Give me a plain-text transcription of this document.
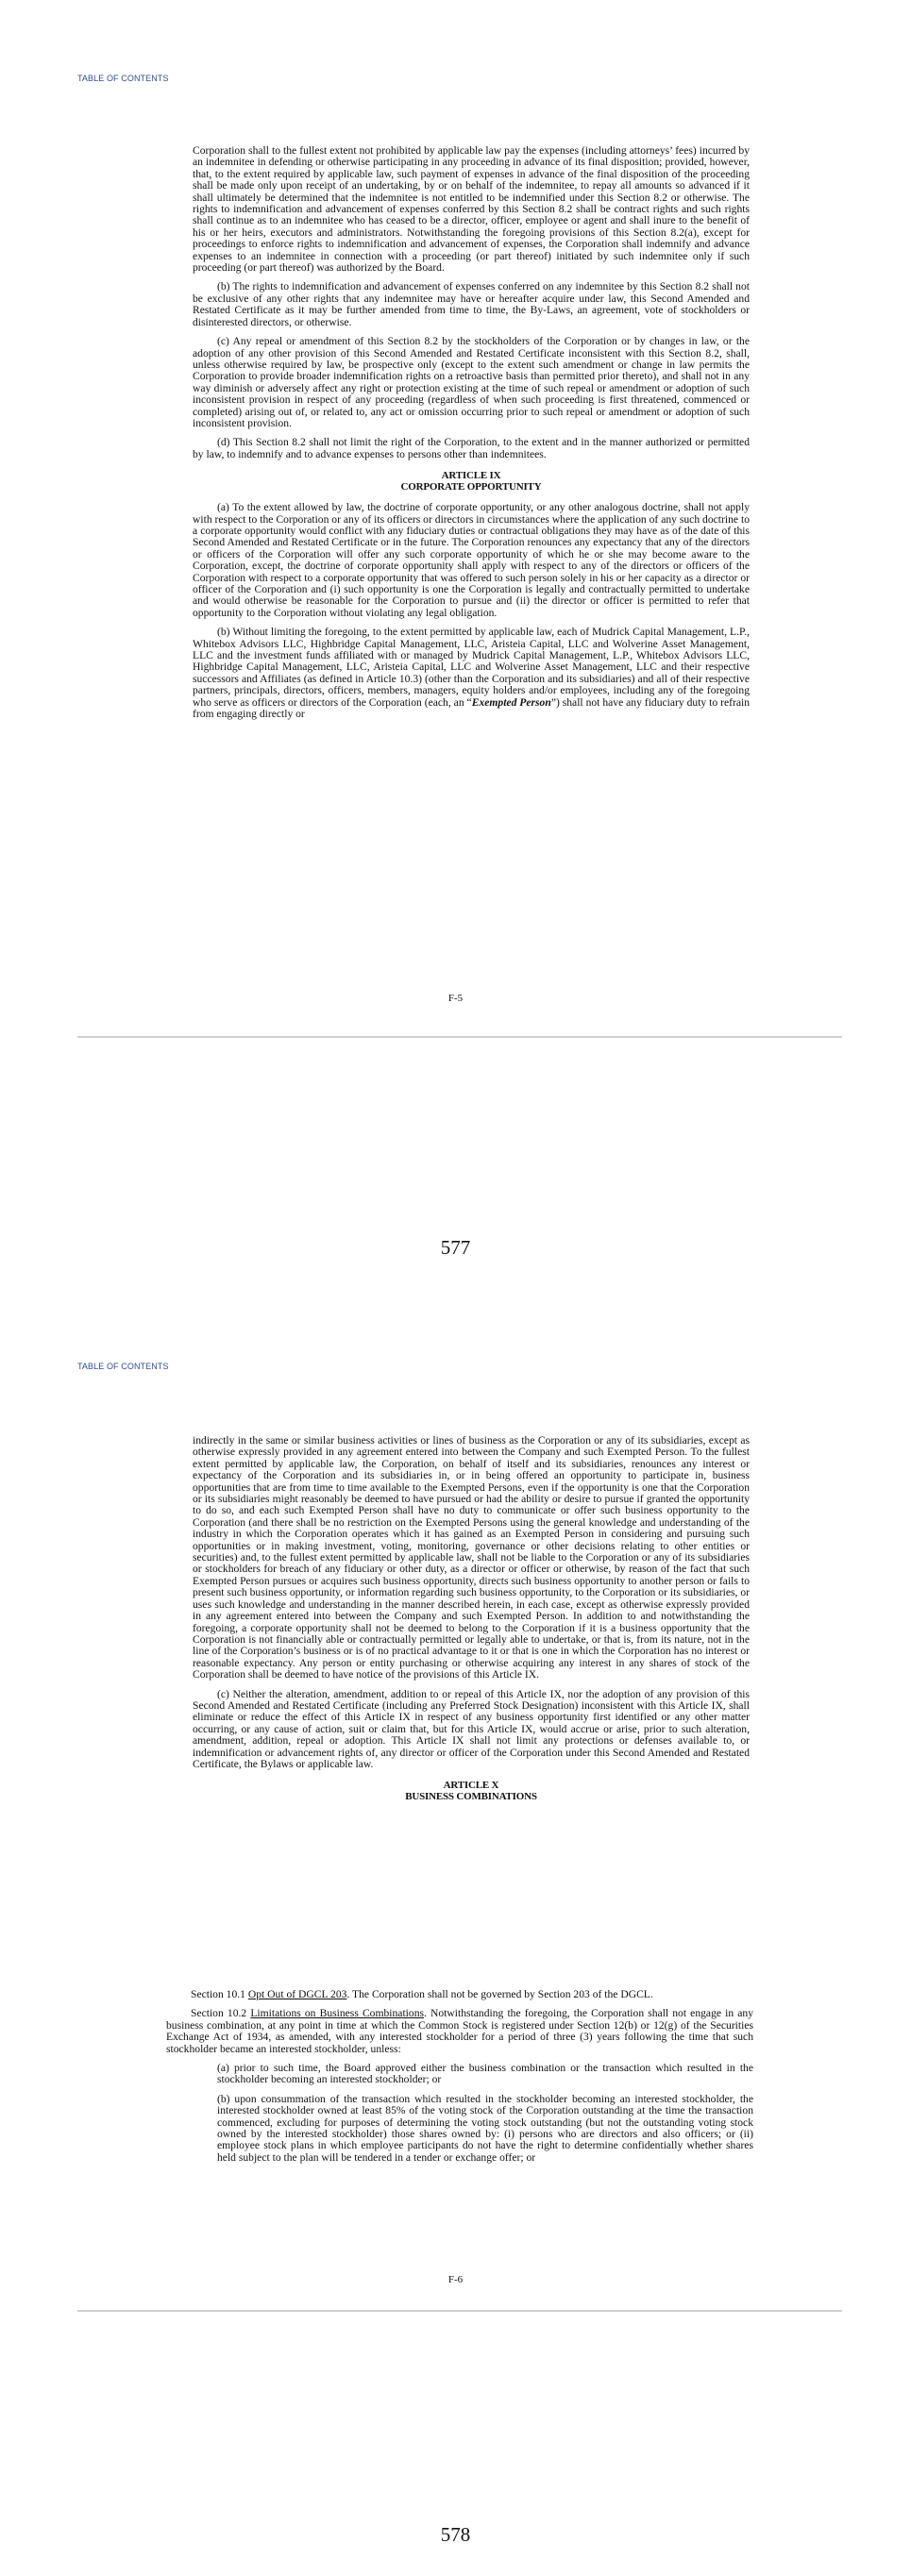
TABLE OF CONTENTS

Corporation shall to the fullest extent not prohibited by applicable law pay the expenses (including attorneys’ fees) incurred by an indemnitee in defending or otherwise participating in any proceeding in advance of its final disposition; provided, however, that, to the extent required by applicable law, such payment of expenses in advance of the final disposition of the proceeding shall be made only upon receipt of an undertaking, by or on behalf of the indemnitee, to repay all amounts so advanced if it shall ultimately be determined that the indemnitee is not entitled to be indemnified under this Section 8.2 or otherwise. The rights to indemnification and advancement of expenses conferred by this Section 8.2 shall be contract rights and such rights shall continue as to an indemnitee who has ceased to be a director, officer, employee or agent and shall inure to the benefit of his or her heirs, executors and administrators. Notwithstanding the foregoing provisions of this Section 8.2(a), except for proceedings to enforce rights to indemnification and advancement of expenses, the Corporation shall indemnify and advance expenses to an indemnitee in connection with a proceeding (or part thereof) initiated by such indemnitee only if such proceeding (or part thereof) was authorized by the Board.

(b) The rights to indemnification and advancement of expenses conferred on any indemnitee by this Section 8.2 shall not be exclusive of any other rights that any indemnitee may have or hereafter acquire under law, this Second Amended and Restated Certificate as it may be further amended from time to time, the By-Laws, an agreement, vote of stockholders or disinterested directors, or otherwise.

(c) Any repeal or amendment of this Section 8.2 by the stockholders of the Corporation or by changes in law, or the adoption of any other provision of this Second Amended and Restated Certificate inconsistent with this Section 8.2, shall, unless otherwise required by law, be prospective only (except to the extent such amendment or change in law permits the Corporation to provide broader indemnification rights on a retroactive basis than permitted prior thereto), and shall not in any way diminish or adversely affect any right or protection existing at the time of such repeal or amendment or adoption of such inconsistent provision in respect of any proceeding (regardless of when such proceeding is first threatened, commenced or completed) arising out of, or related to, any act or omission occurring prior to such repeal or amendment or adoption of such inconsistent provision.

(d) This Section 8.2 shall not limit the right of the Corporation, to the extent and in the manner authorized or permitted by law, to indemnify and to advance expenses to persons other than indemnitees.

ARTICLE IX
CORPORATE OPPORTUNITY

(a) To the extent allowed by law, the doctrine of corporate opportunity, or any other analogous doctrine, shall not apply with respect to the Corporation or any of its officers or directors in circumstances where the application of any such doctrine to a corporate opportunity would conflict with any fiduciary duties or contractual obligations they may have as of the date of this Second Amended and Restated Certificate or in the future. The Corporation renounces any expectancy that any of the directors or officers of the Corporation will offer any such corporate opportunity of which he or she may become aware to the Corporation, except, the doctrine of corporate opportunity shall apply with respect to any of the directors or officers of the Corporation with respect to a corporate opportunity that was offered to such person solely in his or her capacity as a director or officer of the Corporation and (i) such opportunity is one the Corporation is legally and contractually permitted to undertake and would otherwise be reasonable for the Corporation to pursue and (ii) the director or officer is permitted to refer that opportunity to the Corporation without violating any legal obligation.

(b) Without limiting the foregoing, to the extent permitted by applicable law, each of Mudrick Capital Management, L.P., Whitebox Advisors LLC, Highbridge Capital Management, LLC, Aristeia Capital, LLC and Wolverine Asset Management, LLC and the investment funds affiliated with or managed by Mudrick Capital Management, L.P., Whitebox Advisors LLC, Highbridge Capital Management, LLC, Aristeia Capital, LLC and Wolverine Asset Management, LLC and their respective successors and Affiliates (as defined in Article 10.3) (other than the Corporation and its subsidiaries) and all of their respective partners, principals, directors, officers, members, managers, equity holders and/or employees, including any of the foregoing who serve as officers or directors of the Corporation (each, an “Exempted Person”) shall not have any fiduciary duty to refrain from engaging directly or

F-5
577
TABLE OF CONTENTS

indirectly in the same or similar business activities or lines of business as the Corporation or any of its subsidiaries, except as otherwise expressly provided in any agreement entered into between the Company and such Exempted Person. To the fullest extent permitted by applicable law, the Corporation, on behalf of itself and its subsidiaries, renounces any interest or expectancy of the Corporation and its subsidiaries in, or in being offered an opportunity to participate in, business opportunities that are from time to time available to the Exempted Persons, even if the opportunity is one that the Corporation or its subsidiaries might reasonably be deemed to have pursued or had the ability or desire to pursue if granted the opportunity to do so, and each such Exempted Person shall have no duty to communicate or offer such business opportunity to the Corporation (and there shall be no restriction on the Exempted Persons using the general knowledge and understanding of the industry in which the Corporation operates which it has gained as an Exempted Person in considering and pursuing such opportunities or in making investment, voting, monitoring, governance or other decisions relating to other entities or securities) and, to the fullest extent permitted by applicable law, shall not be liable to the Corporation or any of its subsidiaries or stockholders for breach of any fiduciary or other duty, as a director or officer or otherwise, by reason of the fact that such Exempted Person pursues or acquires such business opportunity, directs such business opportunity to another person or fails to present such business opportunity, or information regarding such business opportunity, to the Corporation or its subsidiaries, or uses such knowledge and understanding in the manner described herein, in each case, except as otherwise expressly provided in any agreement entered into between the Company and such Exempted Person. In addition to and notwithstanding the foregoing, a corporate opportunity shall not be deemed to belong to the Corporation if it is a business opportunity that the Corporation is not financially able or contractually permitted or legally able to undertake, or that is, from its nature, not in the line of the Corporation’s business or is of no practical advantage to it or that is one in which the Corporation has no interest or reasonable expectancy. Any person or entity purchasing or otherwise acquiring any interest in any shares of stock of the Corporation shall be deemed to have notice of the provisions of this Article IX.

(c) Neither the alteration, amendment, addition to or repeal of this Article IX, nor the adoption of any provision of this Second Amended and Restated Certificate (including any Preferred Stock Designation) inconsistent with this Article IX, shall eliminate or reduce the effect of this Article IX in respect of any business opportunity first identified or any other matter occurring, or any cause of action, suit or claim that, but for this Article IX, would accrue or arise, prior to such alteration, amendment, addition, repeal or adoption. This Article IX shall not limit any protections or defenses available to, or indemnification or advancement rights of, any director or officer of the Corporation under this Second Amended and Restated Certificate, the Bylaws or applicable law.

ARTICLE X
BUSINESS COMBINATIONS

Section 10.1 Opt Out of DGCL 203. The Corporation shall not be governed by Section 203 of the DGCL.

Section 10.2 Limitations on Business Combinations. Notwithstanding the foregoing, the Corporation shall not engage in any business combination, at any point in time at which the Common Stock is registered under Section 12(b) or 12(g) of the Securities Exchange Act of 1934, as amended, with any interested stockholder for a period of three (3) years following the time that such stockholder became an interested stockholder, unless:

(a) prior to such time, the Board approved either the business combination or the transaction which resulted in the stockholder becoming an interested stockholder; or

(b) upon consummation of the transaction which resulted in the stockholder becoming an interested stockholder, the interested stockholder owned at least 85% of the voting stock of the Corporation outstanding at the time the transaction commenced, excluding for purposes of determining the voting stock outstanding (but not the outstanding voting stock owned by the interested stockholder) those shares owned by: (i) persons who are directors and also officers; or (ii) employee stock plans in which employee participants do not have the right to determine confidentially whether shares held subject to the plan will be tendered in a tender or exchange offer; or

F-6
578
